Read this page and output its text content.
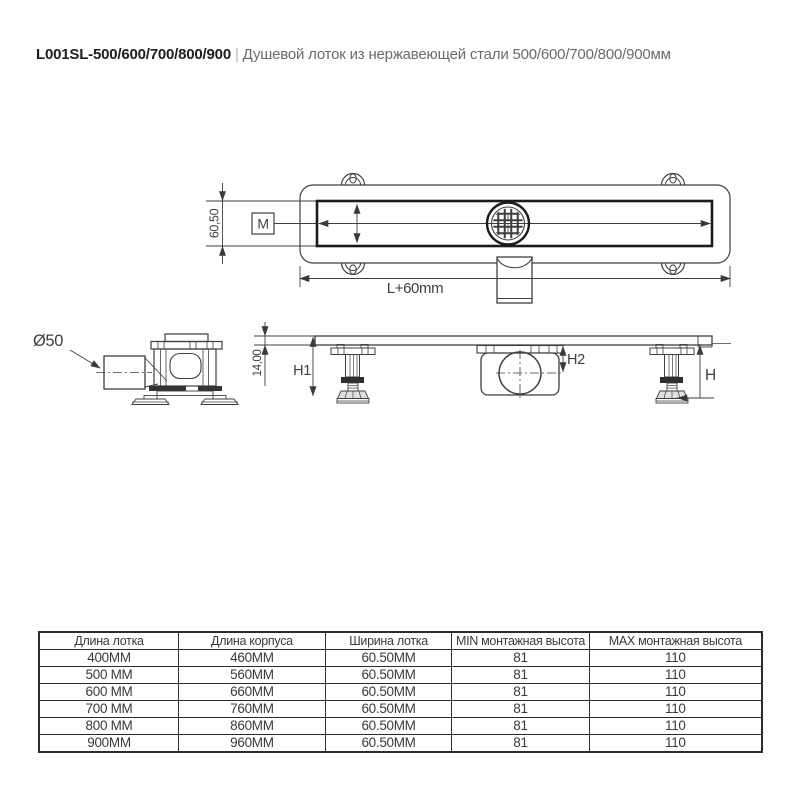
L001SL-500/600/700/800/900 | Душевой лоток из нержавеющей стали 500/600/700/800/900мм
60,50	M
L+60mm
Ø50
14,00 H1
H2
H
Длина лотка	Длина корпуса	Ширина лотка	MIN монтажная высота	MAX монтажная высота
400MM	460MM	60.50MM	81	110
500 MM	560MM	60.50MM	81	110
600 MM	660MM	60.50MM	81	110
700 MM	760MM	60.50MM	81	110
800 MM	860MM	60.50MM	81	110
900MM	960MM	60.50MM	81	110
